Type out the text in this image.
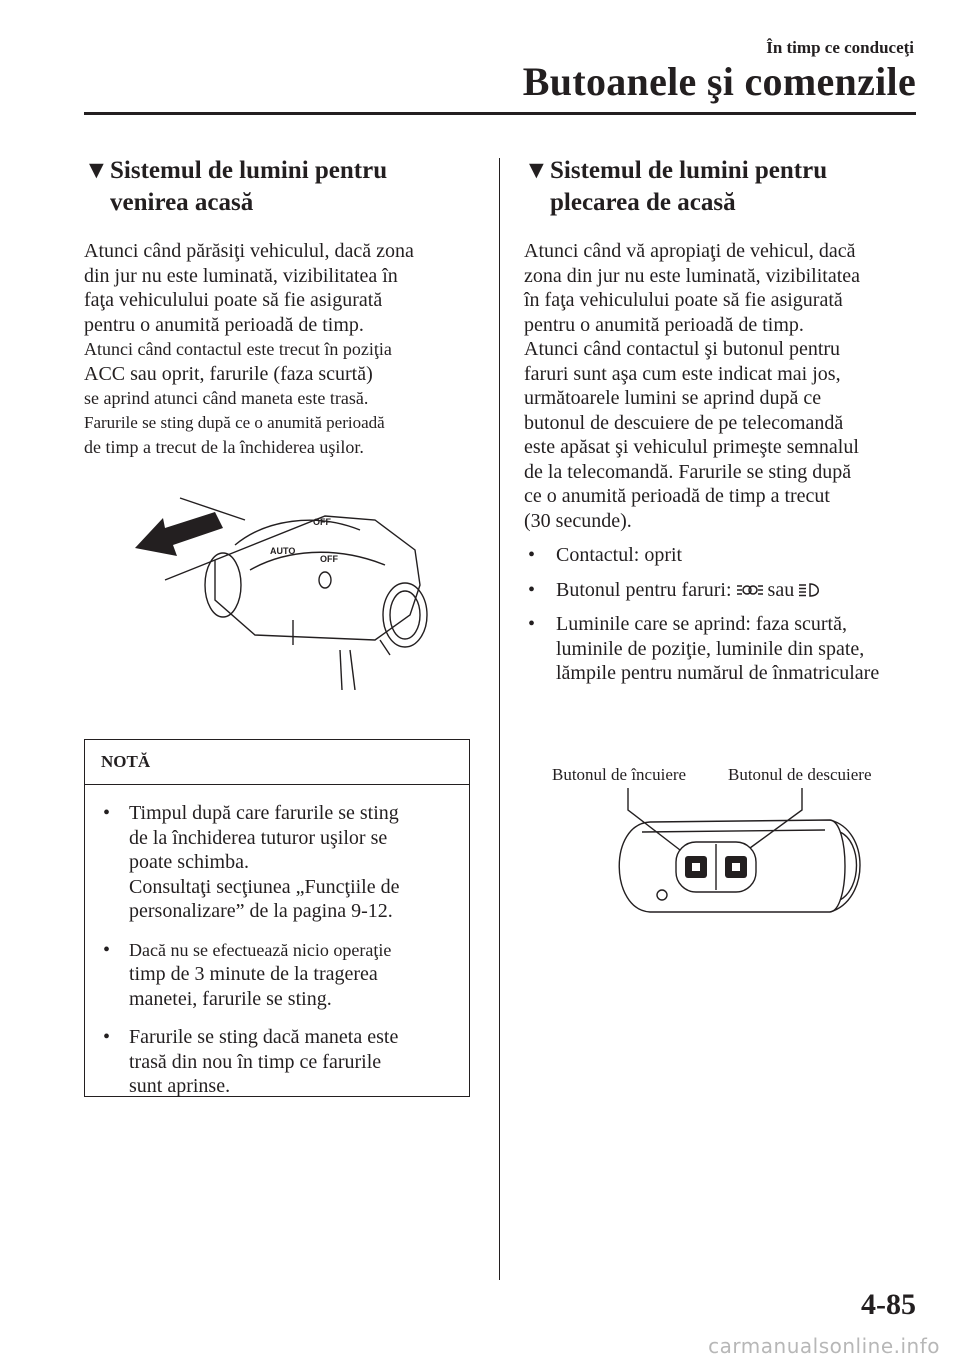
În timp ce conduceţi
Butoanele şi comenzile
▼ Sistemul de lumini pentru
venirea acasă
Atunci când părăsiţi vehiculul, dacă zona
din jur nu este luminată, vizibilitatea în
faţa vehiculului poate să fie asigurată
pentru o anumită perioadă de timp.
Atunci când contactul este trecut în poziţia
ACC sau oprit, farurile (faza scurtă)
se aprind atunci când maneta este trasă.
Farurile se sting după ce o anumită perioadă
de timp a trecut de la închiderea uşilor.
OFF
AUTO
OFF
NOTĂ
• Timpul după care farurile se sting
de la închiderea tuturor uşilor se
poate schimba.
Consultaţi secţiunea „Funcţiile de
personalizare” de la pagina 9-12.
•	Dacă nu se efectuează nicio operaţie
timp de 3 minute de la tragerea
manetei, farurile se sting.
• Farurile se sting dacă maneta este
trasă din nou în timp ce farurile
sunt aprinse.
▼ Sistemul de lumini pentru
plecarea de acasă
Atunci când vă apropiaţi de vehicul, dacă
zona din jur nu este luminată, vizibilitatea
în faţa vehiculului poate să fie asigurată
pentru o anumită perioadă de timp.
Atunci când contactul şi butonul pentru
faruri sunt aşa cum este indicat mai jos,
următoarele lumini se aprind după ce
butonul de descuiere de pe telecomandă
este apăsat şi vehiculul primeşte semnalul
de la telecomandă. Farurile se sting după
ce o anumită perioadă de timp a trecut
(30 secunde).
•	Contactul: oprit
•	Butonul pentru faruri: sau
•	Luminile care se aprind: faza scurtă,
luminile de poziţie, luminile din spate,
lămpile pentru numărul de înmatriculare
Butonul de încuiere Butonul de descuiere
4-85
carmanualsonline.info
